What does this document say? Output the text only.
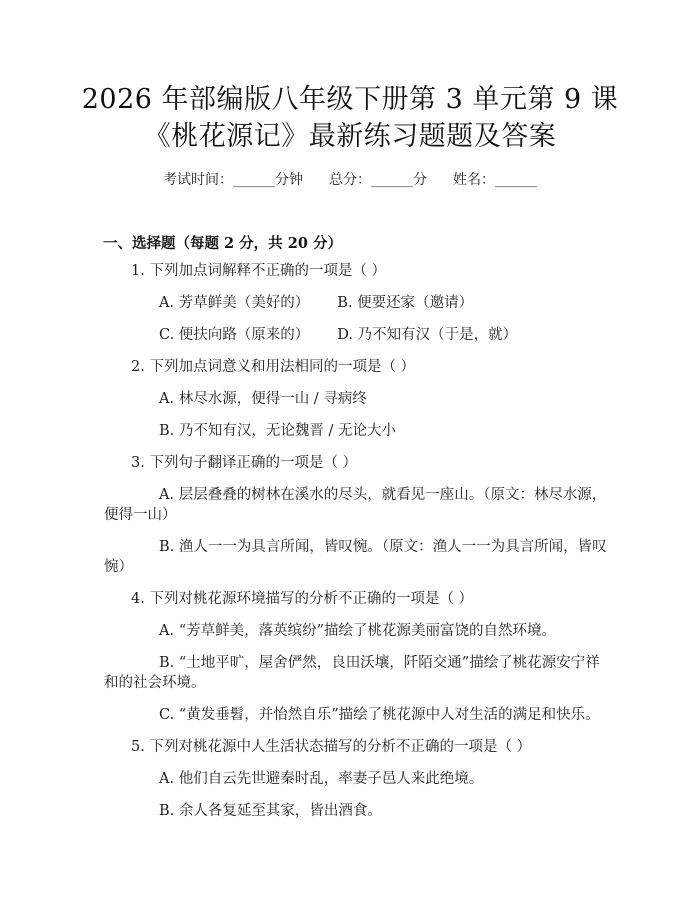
2026 年部编版八年级下册第 3 单元第 9 课
《桃花源记》最新练习题题及答案
考试时间：______分钟 总分：______分 姓名：______
一、选择题（每题 2 分，共 20 分）
1. 下列加点词解释不正确的一项是（ ）
A. 芳草鲜美（美好的） B. 便要还家（邀请）
C. 便扶向路（原来的） D. 乃不知有汉（于是，就）
2. 下列加点词意义和用法相同的一项是（ ）
A. 林尽水源，便得一山 / 寻病终
B. 乃不知有汉，无论魏晋 / 无论大小
3. 下列句子翻译正确的一项是（ ）
A. 层层叠叠的树林在溪水的尽头，就看见一座山。（原文：林尽水源，
便得一山）
B. 渔人一一为具言所闻，皆叹惋。（原文：渔人一一为具言所闻，皆叹
惋）
4. 下列对桃花源环境描写的分析不正确的一项是（ ）
A. “芳草鲜美，落英缤纷”描绘了桃花源美丽富饶的自然环境。
B. “土地平旷，屋舍俨然，良田沃壤，阡陌交通”描绘了桃花源安宁祥
和的社会环境。
C. “黄发垂髫，并怡然自乐”描绘了桃花源中人对生活的满足和快乐。
5. 下列对桃花源中人生活状态描写的分析不正确的一项是（ ）
A. 他们自云先世避秦时乱，率妻子邑人来此绝境。
B. 余人各复延至其家，皆出酒食。
